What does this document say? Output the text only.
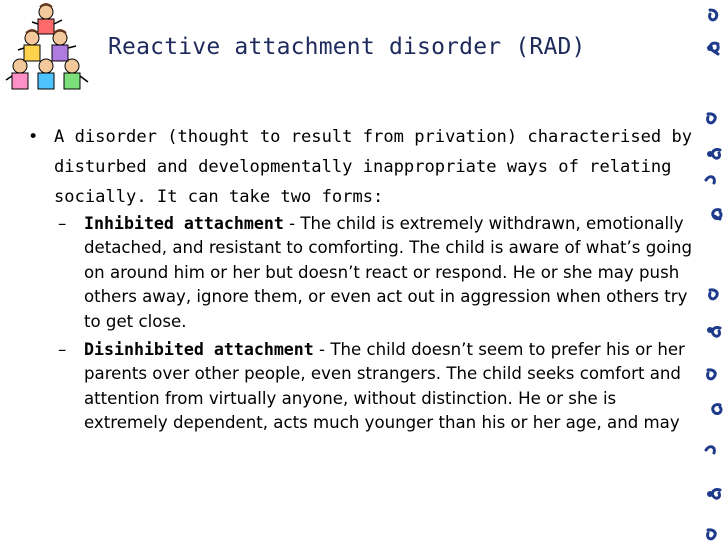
Reactive attachment disorder (RAD)
• A disorder (thought to result from privation) characterised by disturbed and developmentally inappropriate ways of relating socially. It can take two forms:
– Inhibited attachment - The child is extremely withdrawn, emotionally detached, and resistant to comforting. The child is aware of what’s going on around him or her but doesn’t react or respond. He or she may push others away, ignore them, or even act out in aggression when others try to get close.
– Disinhibited attachment - The child doesn’t seem to prefer his or her parents over other people, even strangers. The child seeks comfort and attention from virtually anyone, without distinction. He or she is extremely dependent, acts much younger than his or her age, and may
